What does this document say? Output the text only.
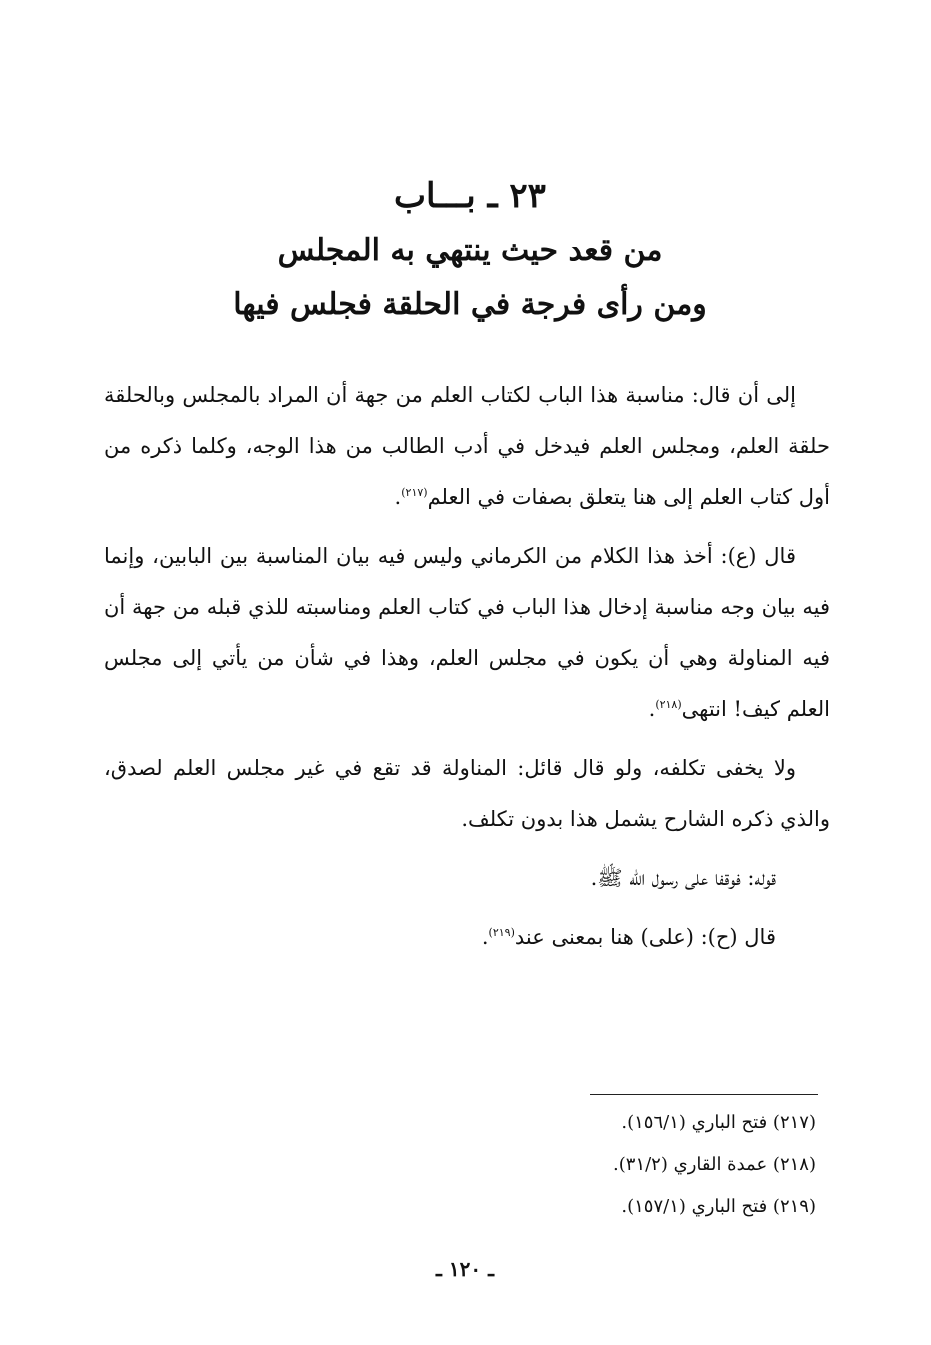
٢٣ ـ بـــاب
من قعد حيث ينتهي به المجلس
ومن رأى فرجة في الحلقة فجلس فيها

إلى أن قال: مناسبة هذا الباب لكتاب العلم من جهة أن المراد بالمجلس وبالحلقة حلقة العلم، ومجلس العلم فيدخل في أدب الطالب من هذا الوجه، وكلما ذكره من أول كتاب العلم إلى هنا يتعلق بصفات في العلم$^{(٢١٧)}$.

قال (ع): أخذ هذا الكلام من الكرماني وليس فيه بيان المناسبة بين البابين، وإنما فيه بيان وجه مناسبة إدخال هذا الباب في كتاب العلم ومناسبته للذي قبله من جهة أن فيه المناولة وهي أن يكون في مجلس العلم، وهذا في شأن من يأتي إلى مجلس العلم كيف! انتهى$^{(٢١٨)}$.

ولا يخفى تكلفه، ولو قال قائل: المناولة قد تقع في غير مجلس العلم لصدق، والذي ذكره الشارح يشمل هذا بدون تكلف.

قوله: فوقفا على رسول الله ﷺ.

قال (ح): (على) هنا بمعنى عند$^{(٢١٩)}$.

(٢١٧) فتح الباري (١٥٦/١).
(٢١٨) عمدة القاري (٣١/٢).
(٢١٩) فتح الباري (١٥٧/١).
ـ ١٢٠ ـ
